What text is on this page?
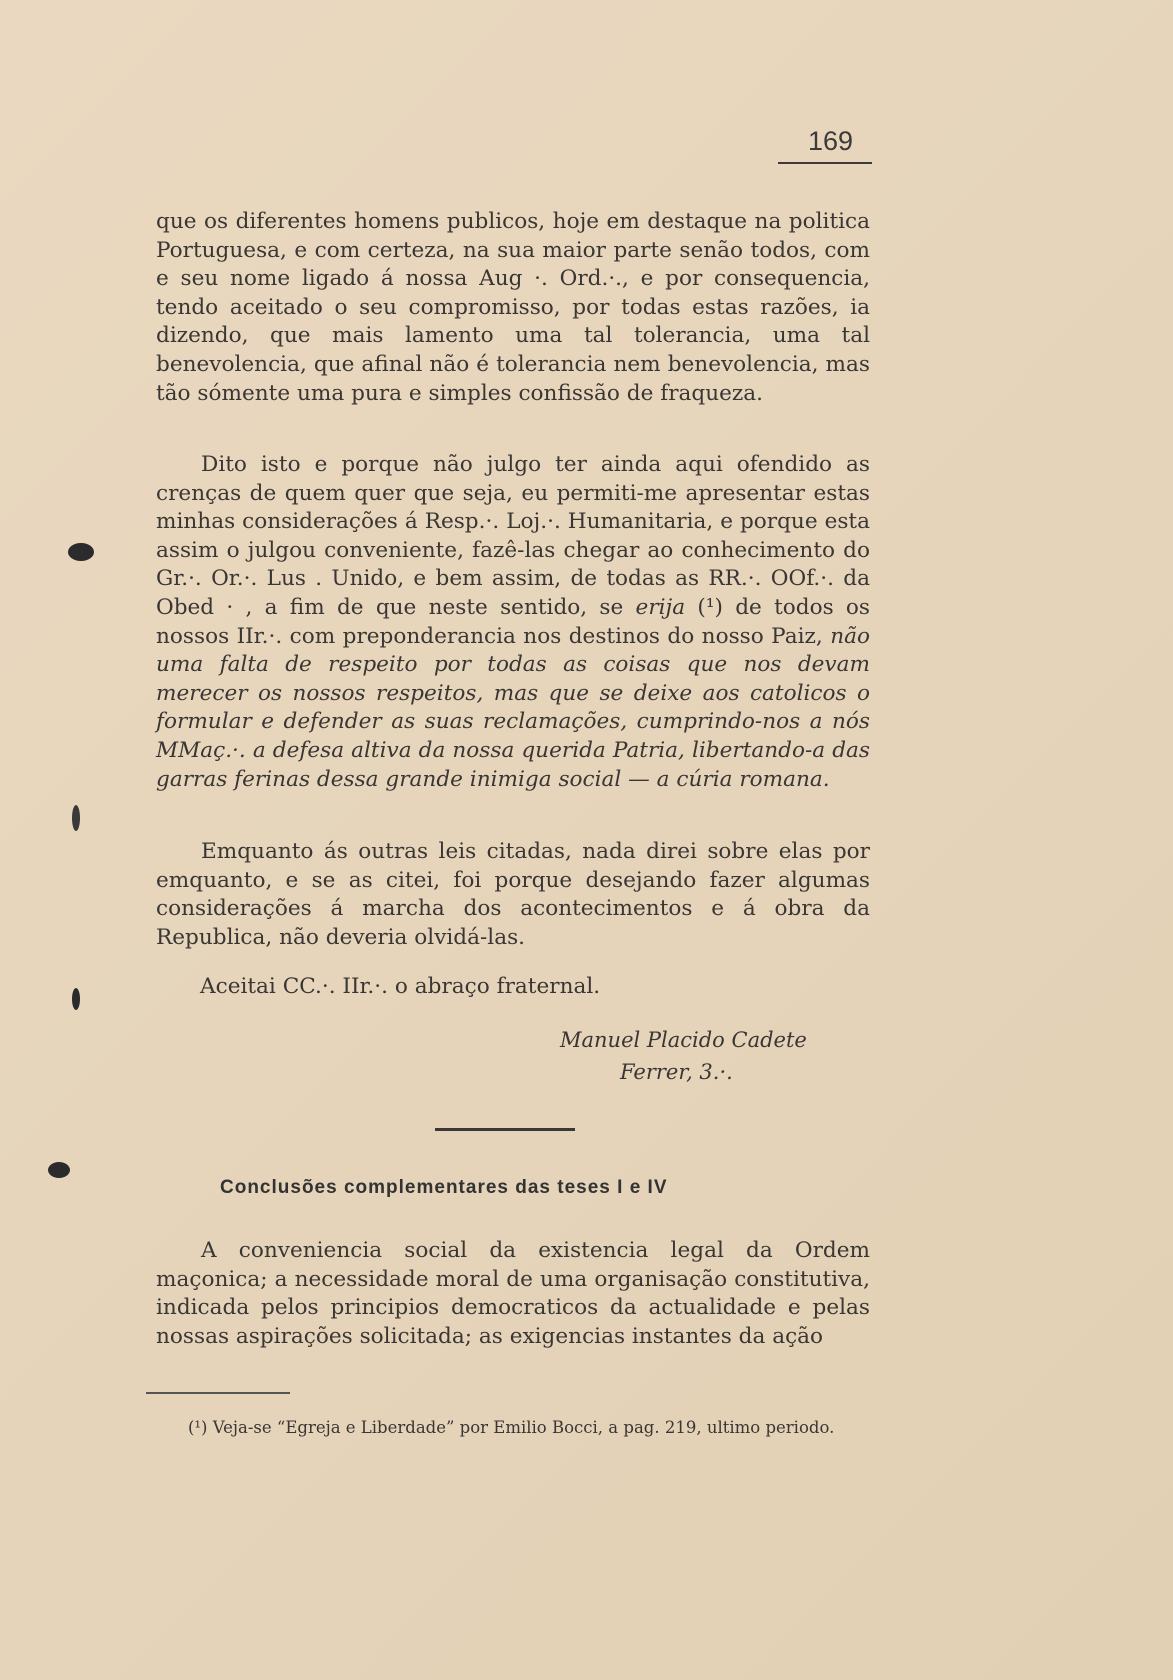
169
que os diferentes homens publicos, hoje em destaque na politica Portuguesa, e com certeza, na sua maior parte senão todos, com e seu nome ligado á nossa Aug ·. Ord.·., e por consequencia, tendo aceitado o seu compromisso, por todas estas razões, ia dizendo, que mais lamento uma tal tolerancia, uma tal benevolencia, que afinal não é tolerancia nem benevolencia, mas tão sómente uma pura e simples confissão de fraqueza.
Dito isto e porque não julgo ter ainda aqui ofendido as crenças de quem quer que seja, eu permiti-me apresentar estas minhas considerações á Resp.·. Loj.·. Humanitaria, e porque esta assim o julgou conveniente, fazê-las chegar ao conhecimento do Gr.·. Or.·. Lus . Unido, e bem assim, de todas as RR.·. OOf.·. da Obed · , a fim de que neste sentido, se erija (¹) de todos os nossos IIr.·. com preponderancia nos destinos do nosso Paiz, não uma falta de respeito por todas as coisas que nos devam merecer os nossos respeitos, mas que se deixe aos catolicos o formular e defender as suas reclamações, cumprindo-nos a nós MMaç.·. a defesa altiva da nossa querida Patria, libertando-a das garras ferinas dessa grande inimiga social — a cúria romana.
Emquanto ás outras leis citadas, nada direi sobre elas por emquanto, e se as citei, foi porque desejando fazer algumas considerações á marcha dos acontecimentos e á obra da Republica, não deveria olvidá-las.
Aceitai CC.·. IIr.·. o abraço fraternal.
Manuel Placido Cadete
Ferrer, 3.·.
Conclusões complementares das teses I e IV
A conveniencia social da existencia legal da Ordem maçonica; a necessidade moral de uma organisação constitutiva, indicada pelos principios democraticos da actualidade e pelas nossas aspirações solicitada; as exigencias instantes da ação
(¹) Veja-se “Egreja e Liberdade” por Emilio Bocci, a pag. 219, ultimo periodo.
